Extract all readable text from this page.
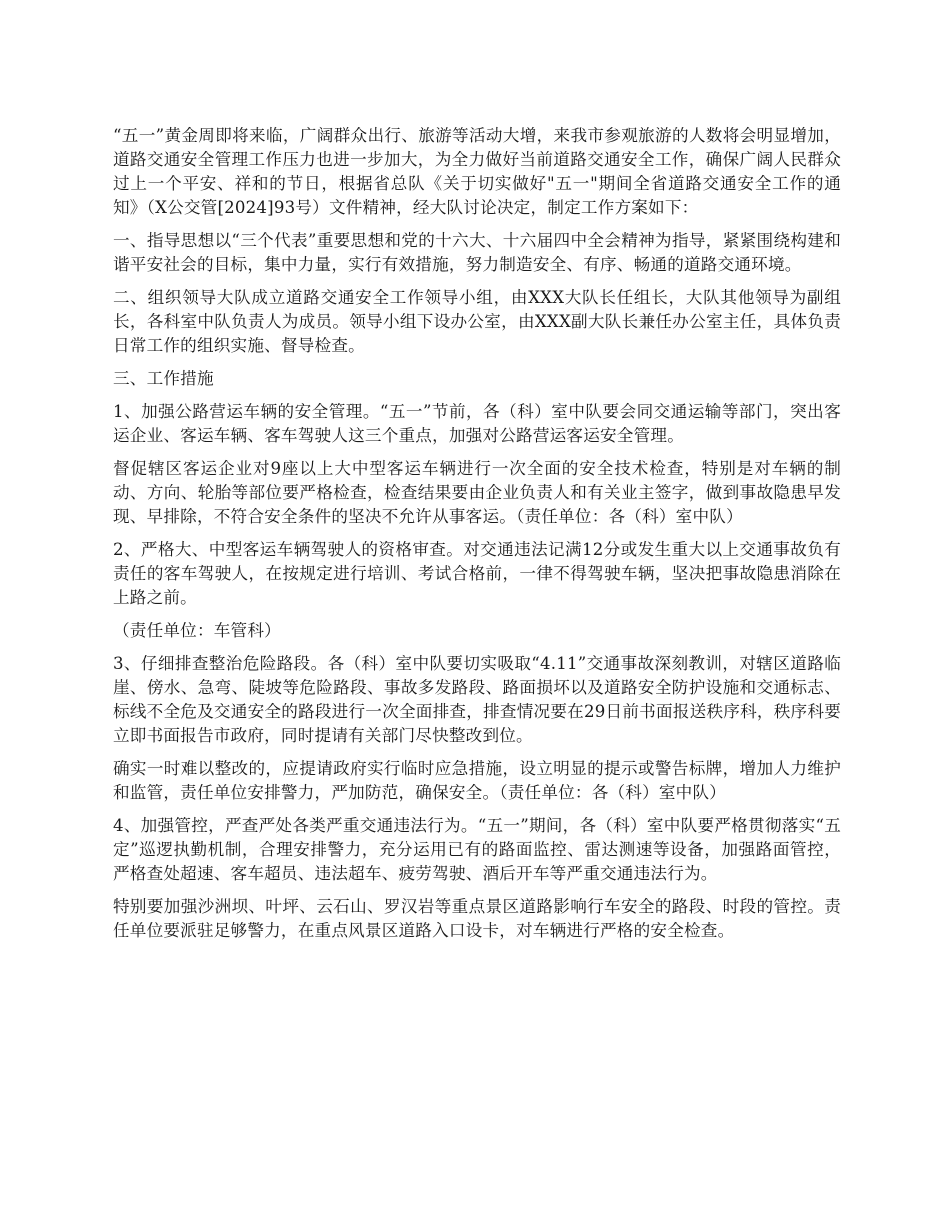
“五一”黄金周即将来临，广阔群众出行、旅游等活动大增，来我市参观旅游的人数将会明显增加，道路交通安全管理工作压力也进一步加大，为全力做好当前道路交通安全工作，确保广阔人民群众过上一个平安、祥和的节日，根据省总队《关于切实做好"五一"期间全省道路交通安全工作的通知》（X公交管[2024]93号）文件精神，经大队讨论决定，制定工作方案如下：

一、指导思想以“三个代表”重要思想和党的十六大、十六届四中全会精神为指导，紧紧围绕构建和谐平安社会的目标，集中力量，实行有效措施，努力制造安全、有序、畅通的道路交通环境。

二、组织领导大队成立道路交通安全工作领导小组，由XXX大队长任组长，大队其他领导为副组长，各科室中队负责人为成员。领导小组下设办公室，由XXX副大队长兼任办公室主任，具体负责日常工作的组织实施、督导检查。

三、工作措施

1、加强公路营运车辆的安全管理。“五一”节前，各（科）室中队要会同交通运输等部门，突出客运企业、客运车辆、客车驾驶人这三个重点，加强对公路营运客运安全管理。

督促辖区客运企业对9座以上大中型客运车辆进行一次全面的安全技术检查，特别是对车辆的制动、方向、轮胎等部位要严格检查，检查结果要由企业负责人和有关业主签字，做到事故隐患早发现、早排除，不符合安全条件的坚决不允许从事客运。（责任单位：各（科）室中队）

2、严格大、中型客运车辆驾驶人的资格审查。对交通违法记满12分或发生重大以上交通事故负有责任的客车驾驶人，在按规定进行培训、考试合格前，一律不得驾驶车辆，坚决把事故隐患消除在上路之前。

（责任单位：车管科）

3、仔细排查整治危险路段。各（科）室中队要切实吸取“4.11”交通事故深刻教训，对辖区道路临崖、傍水、急弯、陡坡等危险路段、事故多发路段、路面损坏以及道路安全防护设施和交通标志、标线不全危及交通安全的路段进行一次全面排查，排查情况要在29日前书面报送秩序科，秩序科要立即书面报告市政府，同时提请有关部门尽快整改到位。

确实一时难以整改的，应提请政府实行临时应急措施，设立明显的提示或警告标牌，增加人力维护和监管，责任单位安排警力，严加防范，确保安全。（责任单位：各（科）室中队）

4、加强管控，严查严处各类严重交通违法行为。“五一”期间，各（科）室中队要严格贯彻落实“五定”巡逻执勤机制，合理安排警力，充分运用已有的路面监控、雷达测速等设备，加强路面管控，严格查处超速、客车超员、违法超车、疲劳驾驶、酒后开车等严重交通违法行为。

特别要加强沙洲坝、叶坪、云石山、罗汉岩等重点景区道路影响行车安全的路段、时段的管控。责任单位要派驻足够警力，在重点风景区道路入口设卡，对车辆进行严格的安全检查。
